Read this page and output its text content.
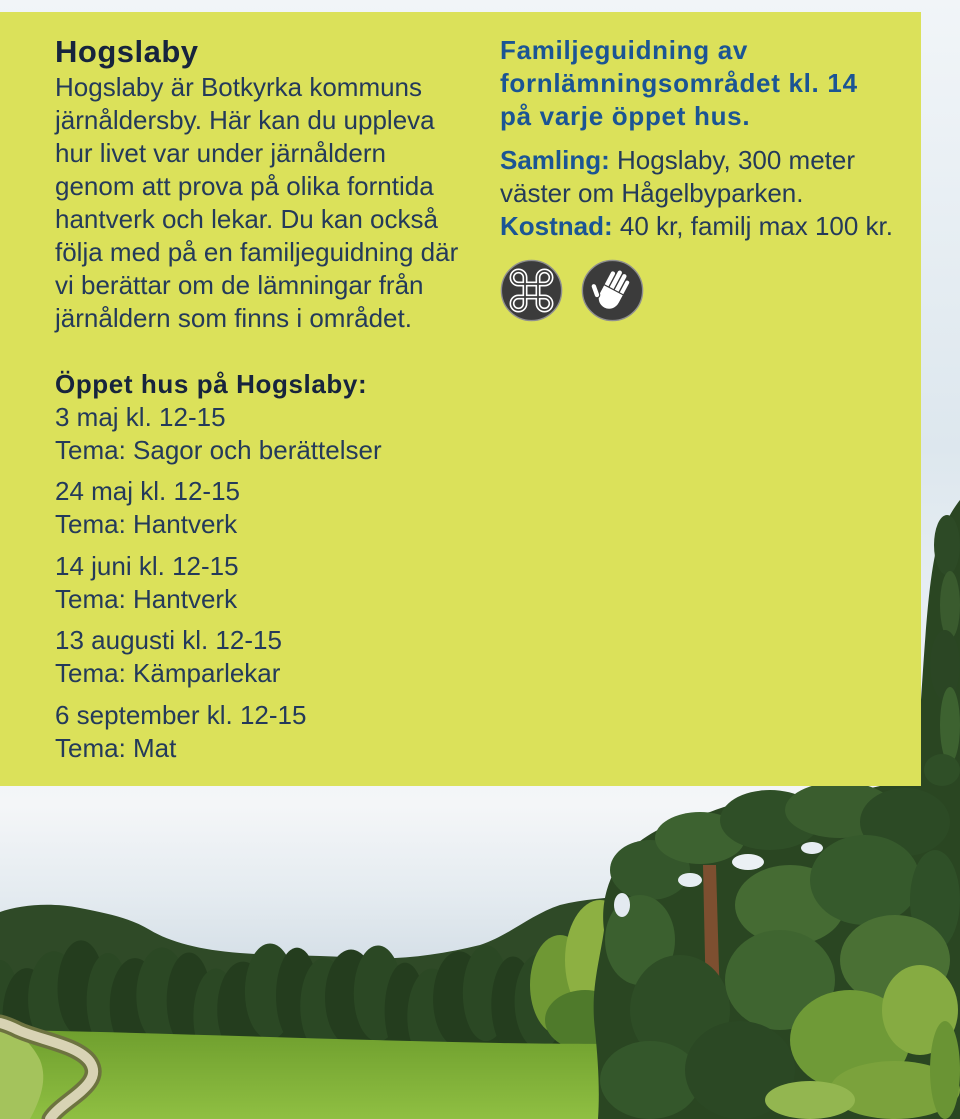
Hogslaby
Hogslaby är Botkyrka kommuns
järnåldersby. Här kan du uppleva
hur livet var under järnåldern
genom att prova på olika forntida
hantverk och lekar. Du kan också
följa med på en familjeguidning där
vi berättar om de lämningar från
järnåldern som finns i området.
Familjeguidning av
fornlämningsområdet kl. 14
på varje öppet hus.
Samling: Hogslaby, 300 meter
väster om Hågelbyparken.
Kostnad: 40 kr, familj max 100 kr.
Öppet hus på Hogslaby:
3 maj kl. 12-15
Tema: Sagor och berättelser
24 maj kl. 12-15
Tema: Hantverk
14 juni kl. 12-15
Tema: Hantverk
13 augusti kl. 12-15
Tema: Kämparlekar
6 september kl. 12-15
Tema: Mat
